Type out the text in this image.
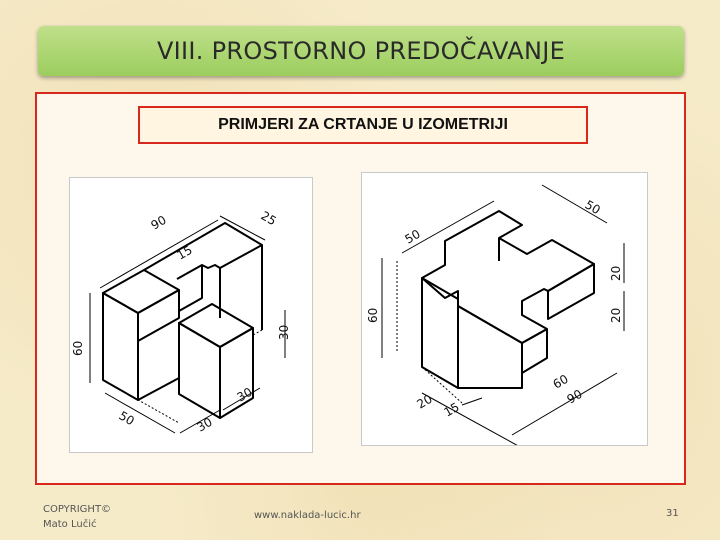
VIII. PROSTORNO PREDOČAVANJE
PRIMJERI ZA CRTANJE U IZOMETRIJI
90	25
15
60
30
50	30
30
50
50
60
20
20
60
90
20 15
COPYRIGHT©
Mato Lučić
www.naklada-lucic.hr	31
